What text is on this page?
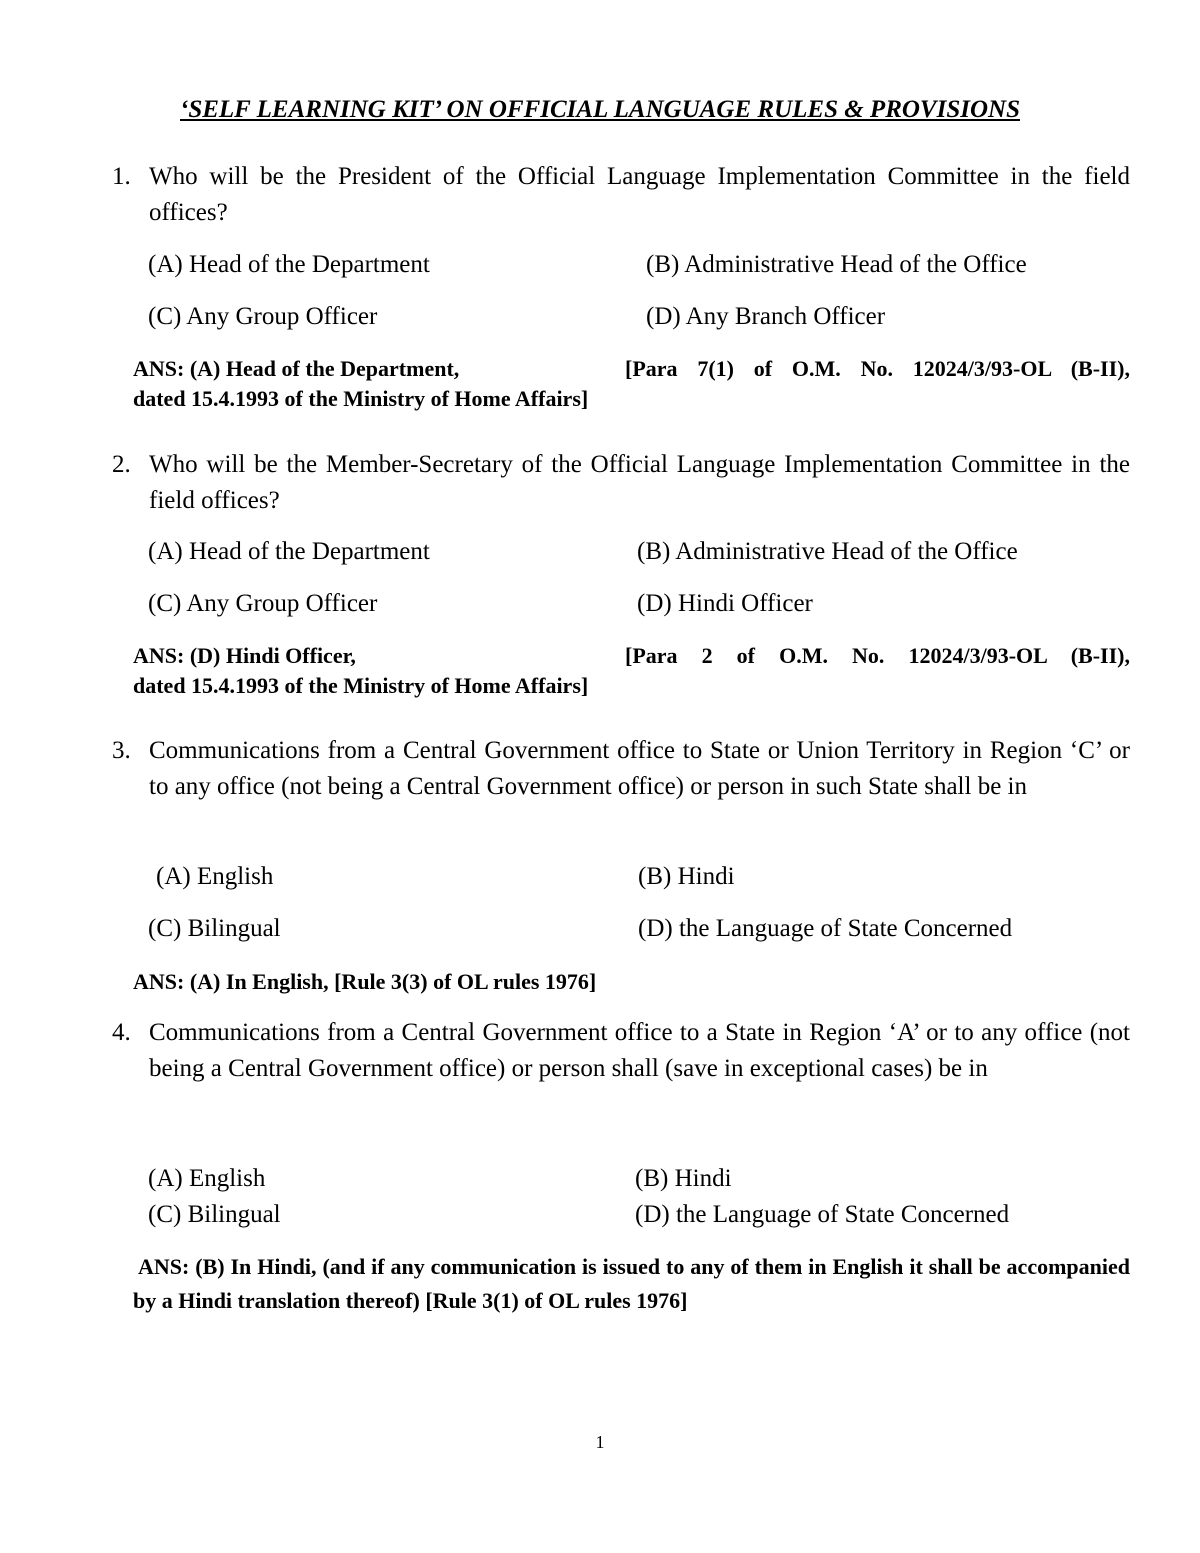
‘SELF LEARNING KIT’ ON OFFICIAL LANGUAGE RULES & PROVISIONS
1. Who will be the President of the Official Language Implementation Committee in the field offices?
(A) Head of the Department	(B) Administrative Head of the Office
(C) Any Group Officer	(D) Any Branch Officer
ANS: (A) Head of the Department,	[Para 7(1) of O.M. No. 12024/3/93-OL (B-II),
dated 15.4.1993 of the Ministry of Home Affairs]
2. Who will be the Member-Secretary of the Official Language Implementation Committee in the field offices?
(A) Head of the Department	(B) Administrative Head of the Office
(C) Any Group Officer	(D) Hindi Officer
ANS: (D) Hindi Officer,	[Para 2 of O.M. No. 12024/3/93-OL (B-II),
dated 15.4.1993 of the Ministry of Home Affairs]
3. Communications from a Central Government office to State or Union Territory in Region ‘C’ or to any office (not being a Central Government office) or person in such State shall be in
(A) English	(B) Hindi
(C) Bilingual	(D) the Language of State Concerned
ANS: (A) In English, [Rule 3(3) of OL rules 1976]
4. Communications from a Central Government office to a State in Region ‘A’ or to any office (not being a Central Government office) or person shall (save in exceptional cases) be in
(A) English	(B) Hindi
(C) Bilingual	(D) the Language of State Concerned
ANS: (B) In Hindi, (and if any communication is issued to any of them in English it shall be accompanied by a Hindi translation thereof) [Rule 3(1) of OL rules 1976]
1
